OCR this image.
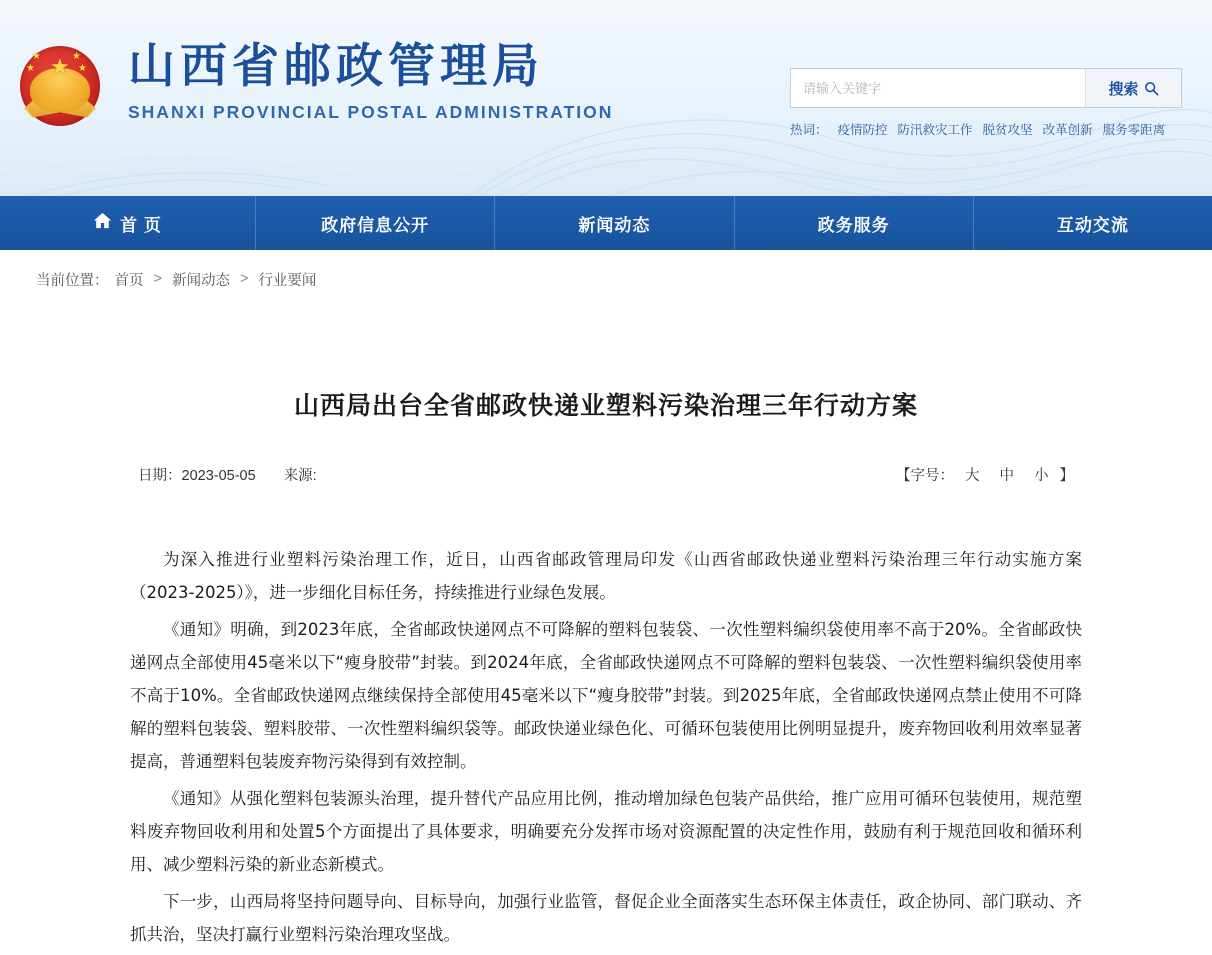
★
★
★
★
★ 山西省邮政管理局
SHANXI PROVINCIAL POSTAL ADMINISTRATION
请输入关键字
搜索
热词： 疫情防控 防汛救灾工作 脱贫攻坚 改革创新 服务零距离
首 页	政府信息公开	新闻动态	政务服务	互动交流
当前位置： 首页 > 新闻动态 > 行业要闻
山西局出台全省邮政快递业塑料污染治理三年行动方案
日期：2023-05-05 来源:	【字号： 大	中	小 】

为深入推进行业塑料污染治理工作，近日，山西省邮政管理局印发《山西省邮政快递业塑料污染治理三年行动实施方案（2023-2025）》，进一步细化目标任务，持续推进行业绿色发展。

《通知》明确，到2023年底，全省邮政快递网点不可降解的塑料包装袋、一次性塑料编织袋使用率不高于20%。全省邮政快递网点全部使用45毫米以下“瘦身胶带”封装。到2024年底，全省邮政快递网点不可降解的塑料包装袋、一次性塑料编织袋使用率不高于10%。全省邮政快递网点继续保持全部使用45毫米以下“瘦身胶带”封装。到2025年底，全省邮政快递网点禁止使用不可降解的塑料包装袋、塑料胶带、一次性塑料编织袋等。邮政快递业绿色化、可循环包装使用比例明显提升，废弃物回收利用效率显著提高，普通塑料包装废弃物污染得到有效控制。

《通知》从强化塑料包装源头治理，提升替代产品应用比例，推动增加绿色包装产品供给，推广应用可循环包装使用，规范塑料废弃物回收利用和处置5个方面提出了具体要求，明确要充分发挥市场对资源配置的决定性作用，鼓励有利于规范回收和循环利用、减少塑料污染的新业态新模式。

下一步，山西局将坚持问题导向、目标导向，加强行业监管，督促企业全面落实生态环保主体责任，政企协同、部门联动、齐抓共治，坚决打赢行业塑料污染治理攻坚战。
